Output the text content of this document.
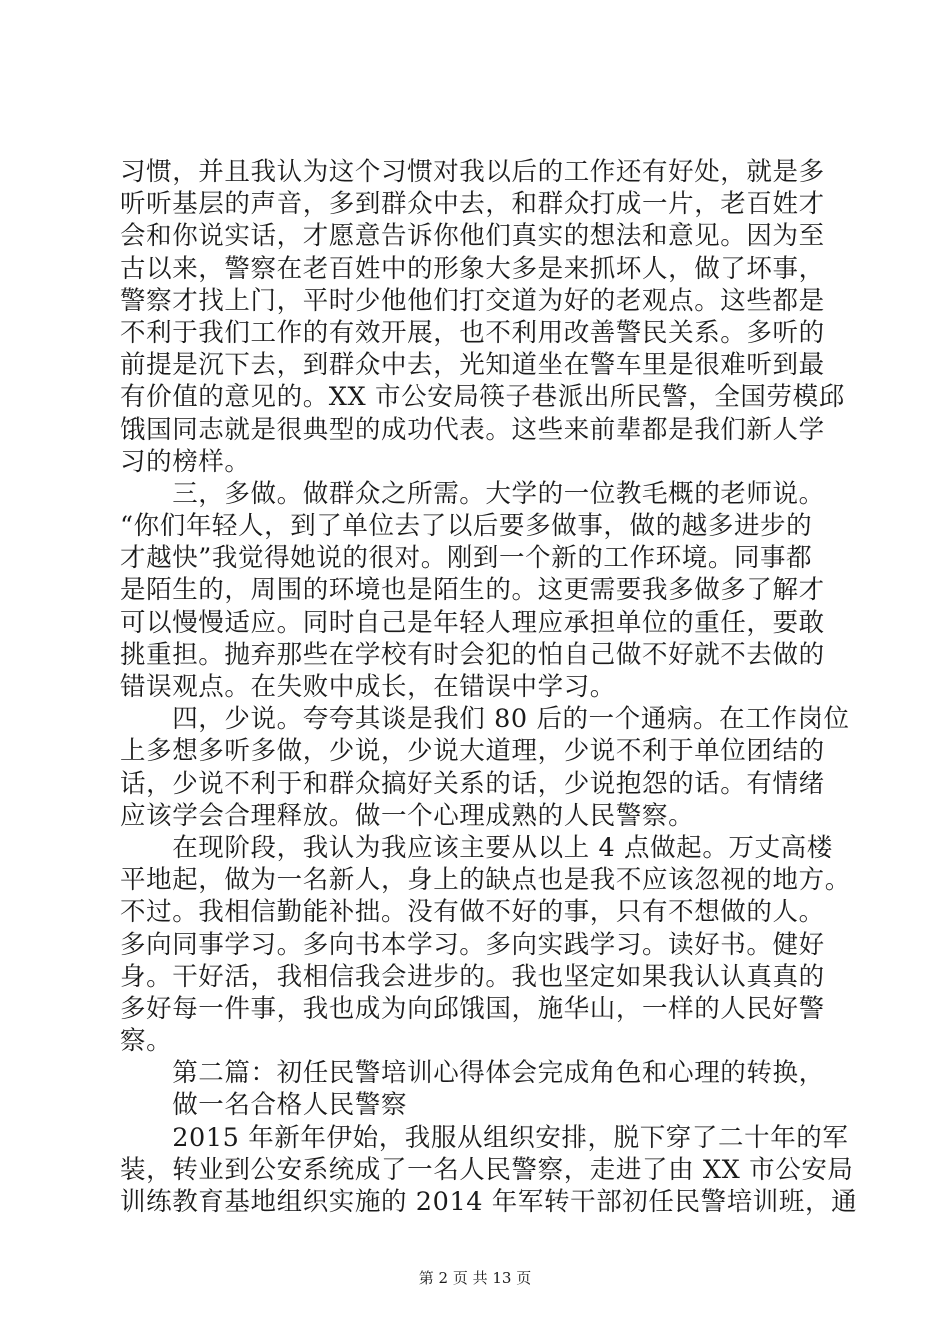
习惯，并且我认为这个习惯对我以后的工作还有好处，就是多
听听基层的声音，多到群众中去，和群众打成一片，老百姓才
会和你说实话，才愿意告诉你他们真实的想法和意见。因为至
古以来，警察在老百姓中的形象大多是来抓坏人，做了坏事，
警察才找上门，平时少他他们打交道为好的老观点。这些都是
不利于我们工作的有效开展，也不利用改善警民关系。多听的
前提是沉下去，到群众中去，光知道坐在警车里是很难听到最
有价值的意见的。XX 市公安局筷子巷派出所民警，全国劳模邱
饿国同志就是很典型的成功代表。这些来前辈都是我们新人学
习的榜样。
　　三，多做。做群众之所需。大学的一位教毛概的老师说。
“你们年轻人，到了单位去了以后要多做事，做的越多进步的
才越快”我觉得她说的很对。刚到一个新的工作环境。同事都
是陌生的，周围的环境也是陌生的。这更需要我多做多了解才
可以慢慢适应。同时自己是年轻人理应承担单位的重任，要敢
挑重担。抛弃那些在学校有时会犯的怕自己做不好就不去做的
错误观点。在失败中成长，在错误中学习。
　　四，少说。夸夸其谈是我们 80 后的一个通病。在工作岗位
上多想多听多做，少说，少说大道理，少说不利于单位团结的
话，少说不利于和群众搞好关系的话，少说抱怨的话。有情绪
应该学会合理释放。做一个心理成熟的人民警察。
　　在现阶段，我认为我应该主要从以上 4 点做起。万丈高楼
平地起，做为一名新人，身上的缺点也是我不应该忽视的地方。
不过。我相信勤能补拙。没有做不好的事，只有不想做的人。
多向同事学习。多向书本学习。多向实践学习。读好书。健好
身。干好活，我相信我会进步的。我也坚定如果我认认真真的
多好每一件事，我也成为向邱饿国，施华山，一样的人民好警
察。
　　第二篇：初任民警培训心得体会完成角色和心理的转换，
　　做一名合格人民警察
　　2015 年新年伊始，我服从组织安排，脱下穿了二十年的军
装，转业到公安系统成了一名人民警察，走进了由 XX 市公安局
训练教育基地组织实施的 2014 年军转干部初任民警培训班，通
第 2 页 共 13 页
